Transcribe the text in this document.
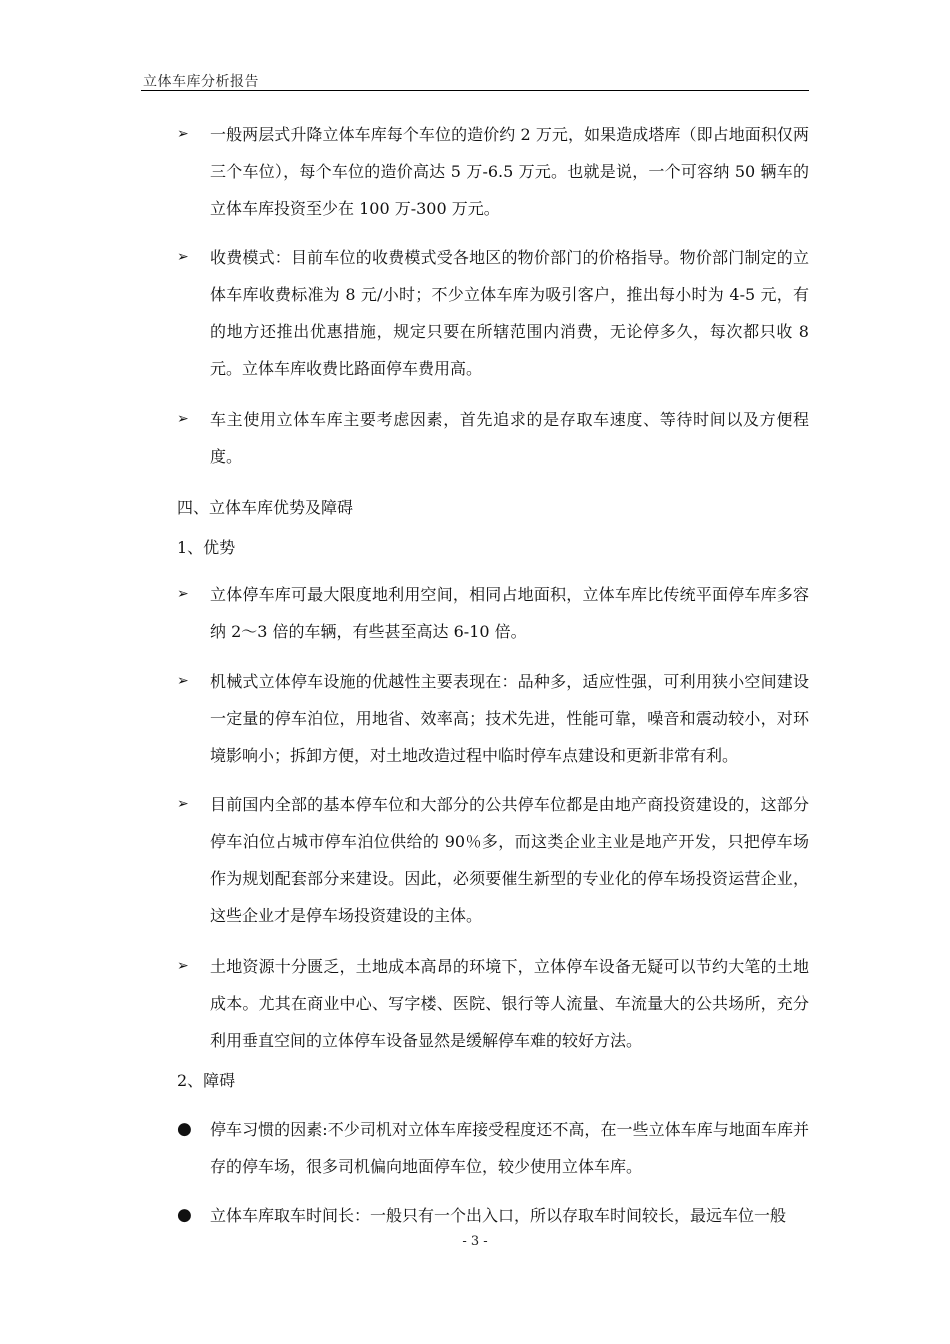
立体车库分析报告
➢	一般两层式升降立体车库每个车位的造价约 2 万元，如果造成塔库（即占地面积仅两三个车位），每个车位的造价高达 5 万-6.5 万元。也就是说，一个可容纳 50 辆车的立体车库投资至少在 100 万-300 万元。
➢	收费模式：目前车位的收费模式受各地区的物价部门的价格指导。物价部门制定的立体车库收费标准为 8 元/小时；不少立体车库为吸引客户，推出每小时为 4-5 元，有的地方还推出优惠措施，规定只要在所辖范围内消费，无论停多久，每次都只收 8 元。立体车库收费比路面停车费用高。
➢	车主使用立体车库主要考虑因素，首先追求的是存取车速度、等待时间以及方便程度。
四、立体车库优势及障碍
1、优势
➢	立体停车库可最大限度地利用空间，相同占地面积，立体车库比传统平面停车库多容纳 2～3 倍的车辆，有些甚至高达 6-10 倍。
➢	机械式立体停车设施的优越性主要表现在：品种多，适应性强，可利用狭小空间建设一定量的停车泊位，用地省、效率高；技术先进，性能可靠，噪音和震动较小，对环境影响小；拆卸方便，对土地改造过程中临时停车点建设和更新非常有利。
➢	目前国内全部的基本停车位和大部分的公共停车位都是由地产商投资建设的，这部分停车泊位占城市停车泊位供给的 90％多，而这类企业主业是地产开发，只把停车场作为规划配套部分来建设。因此，必须要催生新型的专业化的停车场投资运营企业，这些企业才是停车场投资建设的主体。
➢	土地资源十分匮乏，土地成本高昂的环境下，立体停车设备无疑可以节约大笔的土地成本。尤其在商业中心、写字楼、医院、银行等人流量、车流量大的公共场所，充分利用垂直空间的立体停车设备显然是缓解停车难的较好方法。
2、障碍
●	停车习惯的因素:不少司机对立体车库接受程度还不高，在一些立体车库与地面车库并存的停车场，很多司机偏向地面停车位，较少使用立体车库。
●	立体车库取车时间长：一般只有一个出入口，所以存取车时间较长，最远车位一般
- 3 -
